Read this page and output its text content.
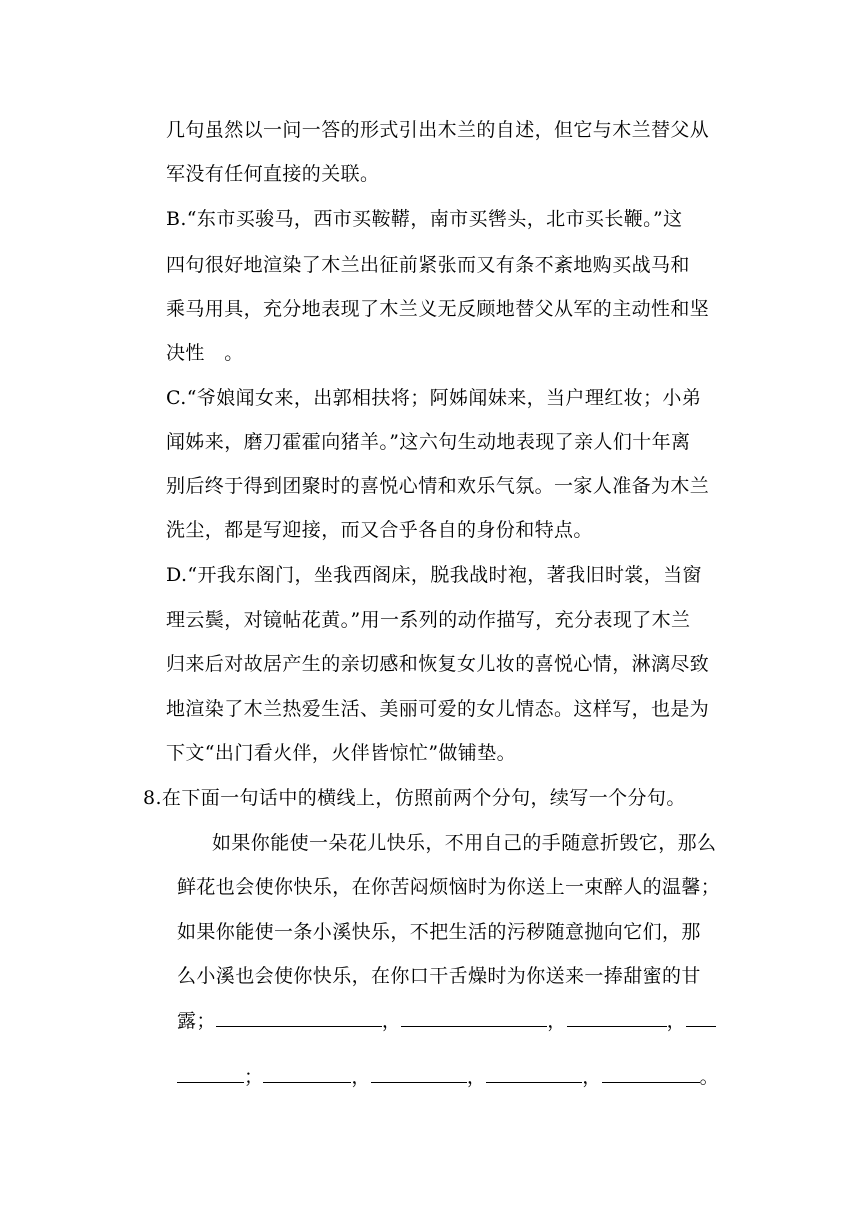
几句虽然以一问一答的形式引出木兰的自述，但它与木兰替父从
军没有任何直接的关联。
B.“东市买骏马，西市买鞍鞯，南市买辔头，北市买长鞭。”这
四句很好地渲染了木兰出征前紧张而又有条不紊地购买战马和
乘马用具，充分地表现了木兰义无反顾地替父从军的主动性和坚
决性　。
C.“爷娘闻女来，出郭相扶将；阿姊闻妹来，当户理红妆；小弟
闻姊来，磨刀霍霍向猪羊。”这六句生动地表现了亲人们十年离
别后终于得到团聚时的喜悦心情和欢乐气氛。一家人准备为木兰
洗尘，都是写迎接，而又合乎各自的身份和特点。
D.“开我东阁门，坐我西阁床，脱我战时袍，著我旧时裳，当窗
理云鬓，对镜帖花黄。”用一系列的动作描写，充分表现了木兰
归来后对故居产生的亲切感和恢复女儿妆的喜悦心情，淋漓尽致
地渲染了木兰热爱生活、美丽可爱的女儿情态。这样写，也是为
下文“出门看火伴，火伴皆惊忙”做铺垫。
8.在下面一句话中的横线上，仿照前两个分句，续写一个分句。
如果你能使一朵花儿快乐，不用自己的手随意折毁它，那么
鲜花也会使你快乐，在你苦闷烦恼时为你送上一束醉人的温馨；
如果你能使一条小溪快乐，不把生活的污秽随意抛向它们，那
么小溪也会使你快乐，在你口干舌燥时为你送来一捧甜蜜的甘
露；	，	，	，
；	，	，	，	。
